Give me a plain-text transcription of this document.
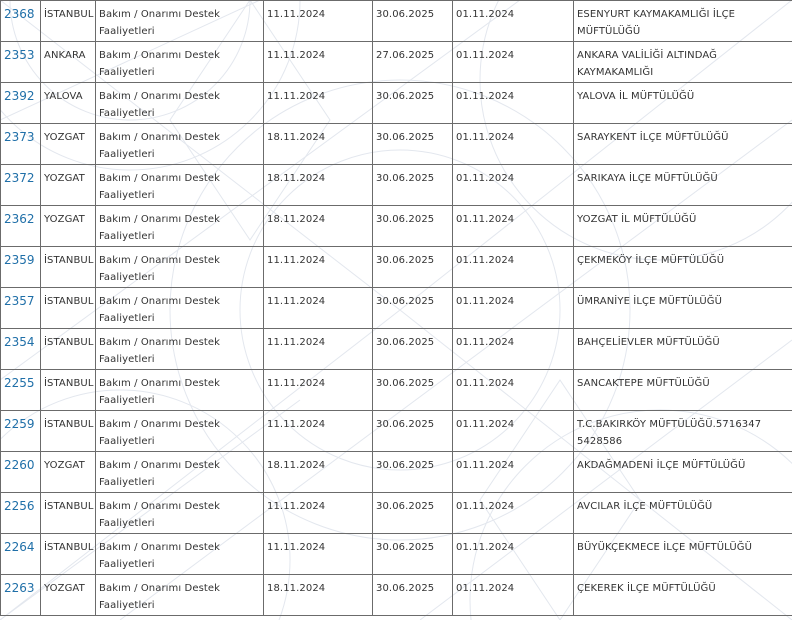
2368	İSTANBUL	Bakım / Onarımı Destek Faaliyetleri	11.11.2024	30.06.2025	01.11.2024	ESENYURT KAYMAKAMLIĞI İLÇE MÜFTÜLÜĞÜ
2353	ANKARA	Bakım / Onarımı Destek Faaliyetleri	11.11.2024	27.06.2025	01.11.2024	ANKARA VALİLİĞİ ALTINDAĞ KAYMAKAMLIĞI
2392	YALOVA	Bakım / Onarımı Destek Faaliyetleri	11.11.2024	30.06.2025	01.11.2024	YALOVA İL MÜFTÜLÜĞÜ
2373	YOZGAT	Bakım / Onarımı Destek Faaliyetleri	18.11.2024	30.06.2025	01.11.2024	SARAYKENT İLÇE MÜFTÜLÜĞÜ
2372	YOZGAT	Bakım / Onarımı Destek Faaliyetleri	18.11.2024	30.06.2025	01.11.2024	SARIKAYA İLÇE MÜFTÜLÜĞÜ
2362	YOZGAT	Bakım / Onarımı Destek Faaliyetleri	18.11.2024	30.06.2025	01.11.2024	YOZGAT İL MÜFTÜLÜĞÜ
2359	İSTANBUL	Bakım / Onarımı Destek Faaliyetleri	11.11.2024	30.06.2025	01.11.2024	ÇEKMEKÖY İLÇE MÜFTÜLÜĞÜ
2357	İSTANBUL	Bakım / Onarımı Destek Faaliyetleri	11.11.2024	30.06.2025	01.11.2024	ÜMRANİYE İLÇE MÜFTÜLÜĞÜ
2354	İSTANBUL	Bakım / Onarımı Destek Faaliyetleri	11.11.2024	30.06.2025	01.11.2024	BAHÇELİEVLER MÜFTÜLÜĞÜ
2255	İSTANBUL	Bakım / Onarımı Destek Faaliyetleri	11.11.2024	30.06.2025	01.11.2024	SANCAKTEPE MÜFTÜLÜĞÜ
2259	İSTANBUL	Bakım / Onarımı Destek Faaliyetleri	11.11.2024	30.06.2025	01.11.2024	T.C.BAKIRKÖY MÜFTÜLÜĞÜ.5716347 5428586
2260	YOZGAT	Bakım / Onarımı Destek Faaliyetleri	18.11.2024	30.06.2025	01.11.2024	AKDAĞMADENİ İLÇE MÜFTÜLÜĞÜ
2256	İSTANBUL	Bakım / Onarımı Destek Faaliyetleri	11.11.2024	30.06.2025	01.11.2024	AVCILAR İLÇE MÜFTÜLÜĞÜ
2264	İSTANBUL	Bakım / Onarımı Destek Faaliyetleri	11.11.2024	30.06.2025	01.11.2024	BÜYÜKÇEKMECE İLÇE MÜFTÜLÜĞÜ
2263	YOZGAT	Bakım / Onarımı Destek Faaliyetleri	18.11.2024	30.06.2025	01.11.2024	ÇEKEREK İLÇE MÜFTÜLÜĞÜ
